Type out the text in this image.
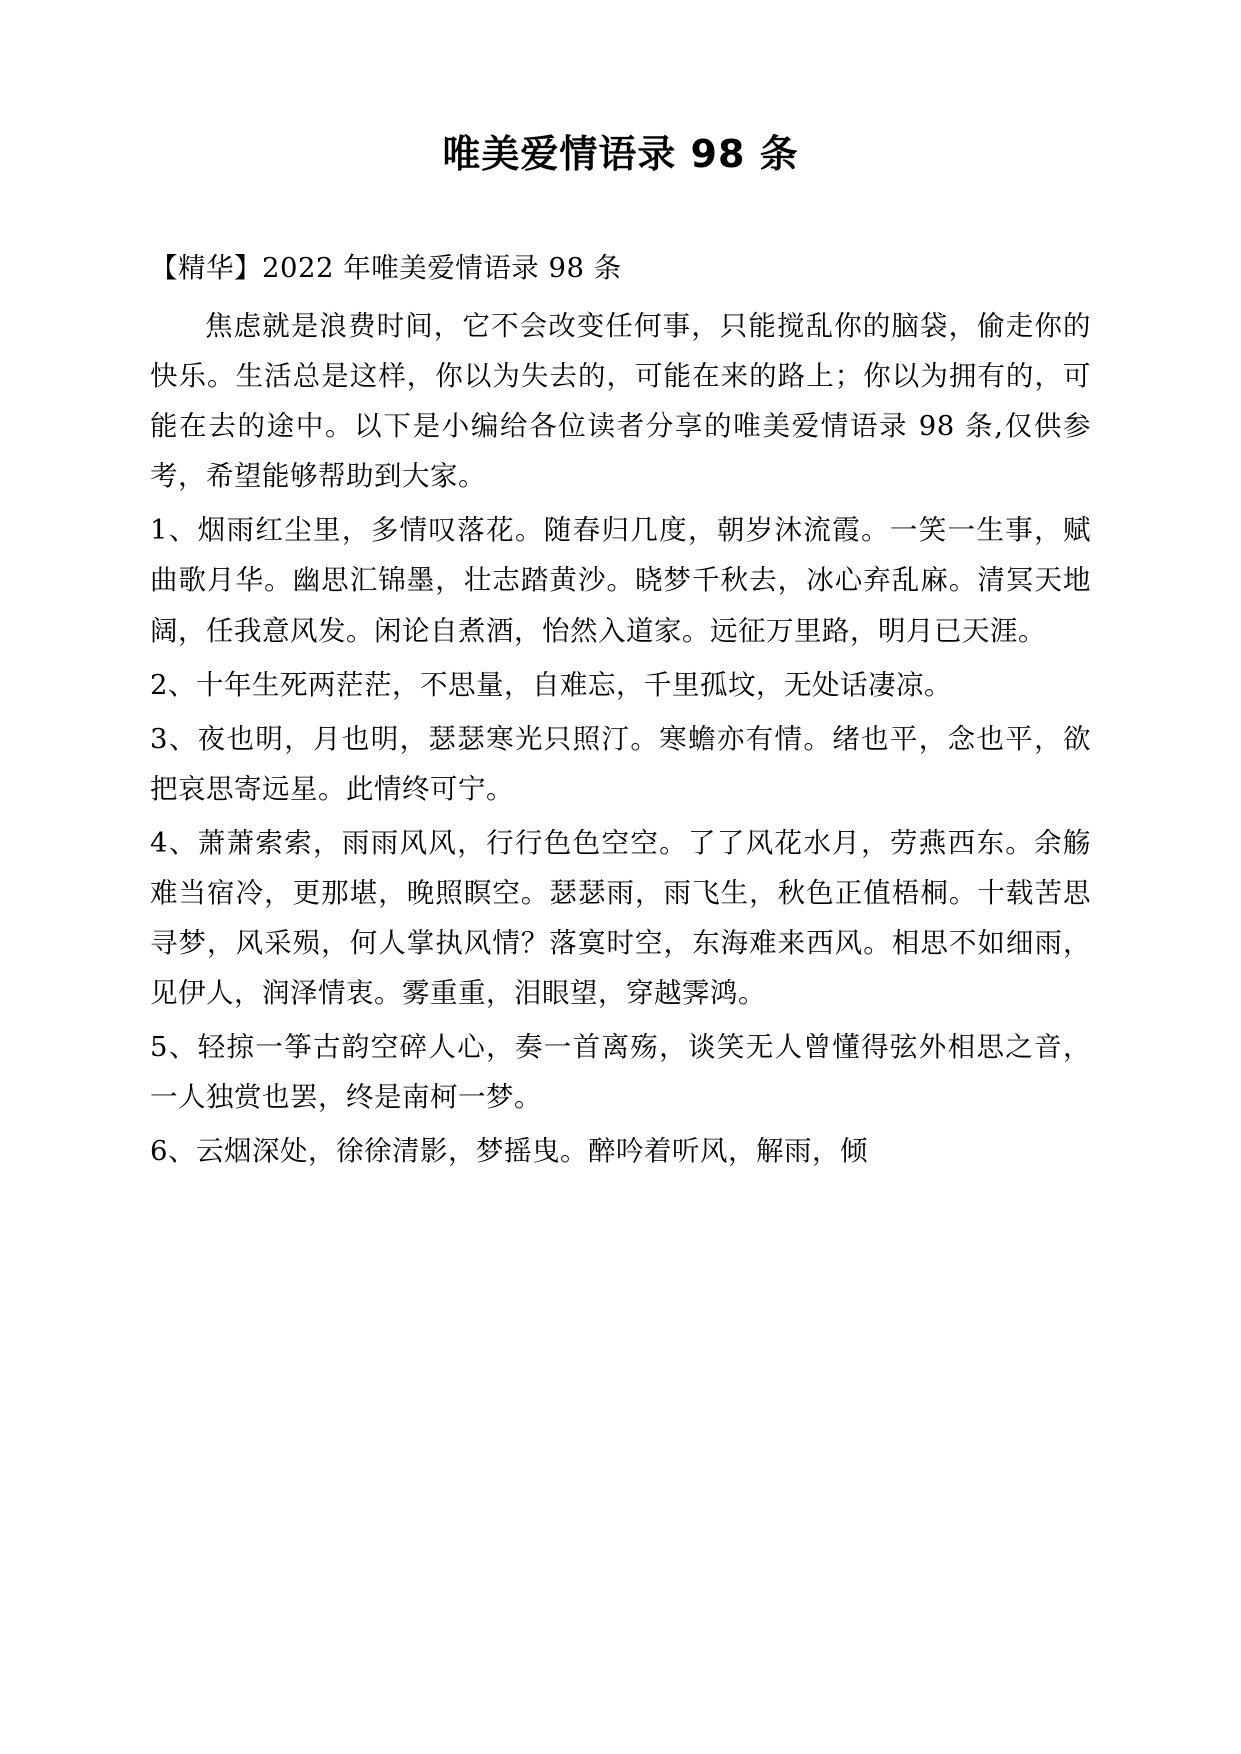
唯美爱情语录 98 条

【精华】2022 年唯美爱情语录 98 条

焦虑就是浪费时间，它不会改变任何事，只能搅乱你的脑袋，偷走你的快乐。生活总是这样，你以为失去的，可能在来的路上；你以为拥有的，可能在去的途中。以下是小编给各位读者分享的唯美爱情语录 98 条,仅供参考，希望能够帮助到大家。

1、烟雨红尘里，多情叹落花。随春归几度，朝岁沐流霞。一笑一生事，赋曲歌月华。幽思汇锦墨，壮志踏黄沙。晓梦千秋去，冰心弃乱麻。清冥天地阔，任我意风发。闲论自煮酒，怡然入道家。远征万里路，明月已天涯。

2、十年生死两茫茫，不思量，自难忘，千里孤坟，无处话凄凉。

3、夜也明，月也明，瑟瑟寒光只照汀。寒蟾亦有情。绪也平，念也平，欲把哀思寄远星。此情终可宁。

4、萧萧索索，雨雨风风，行行色色空空。了了风花水月，劳燕西东。余觞难当宿冷，更那堪，晚照瞑空。瑟瑟雨，雨飞生，秋色正值梧桐。十载苦思寻梦，风采殒，何人掌执风情？落寞时空，东海难来西风。相思不如细雨，见伊人，润泽情衷。雾重重，泪眼望，穿越霁鸿。

5、轻掠一筝古韵空碎人心，奏一首离殇，谈笑无人曾懂得弦外相思之音，一人独赏也罢，终是南柯一梦。

6、云烟深处，徐徐清影，梦摇曳。醉吟着听风，解雨，倾
